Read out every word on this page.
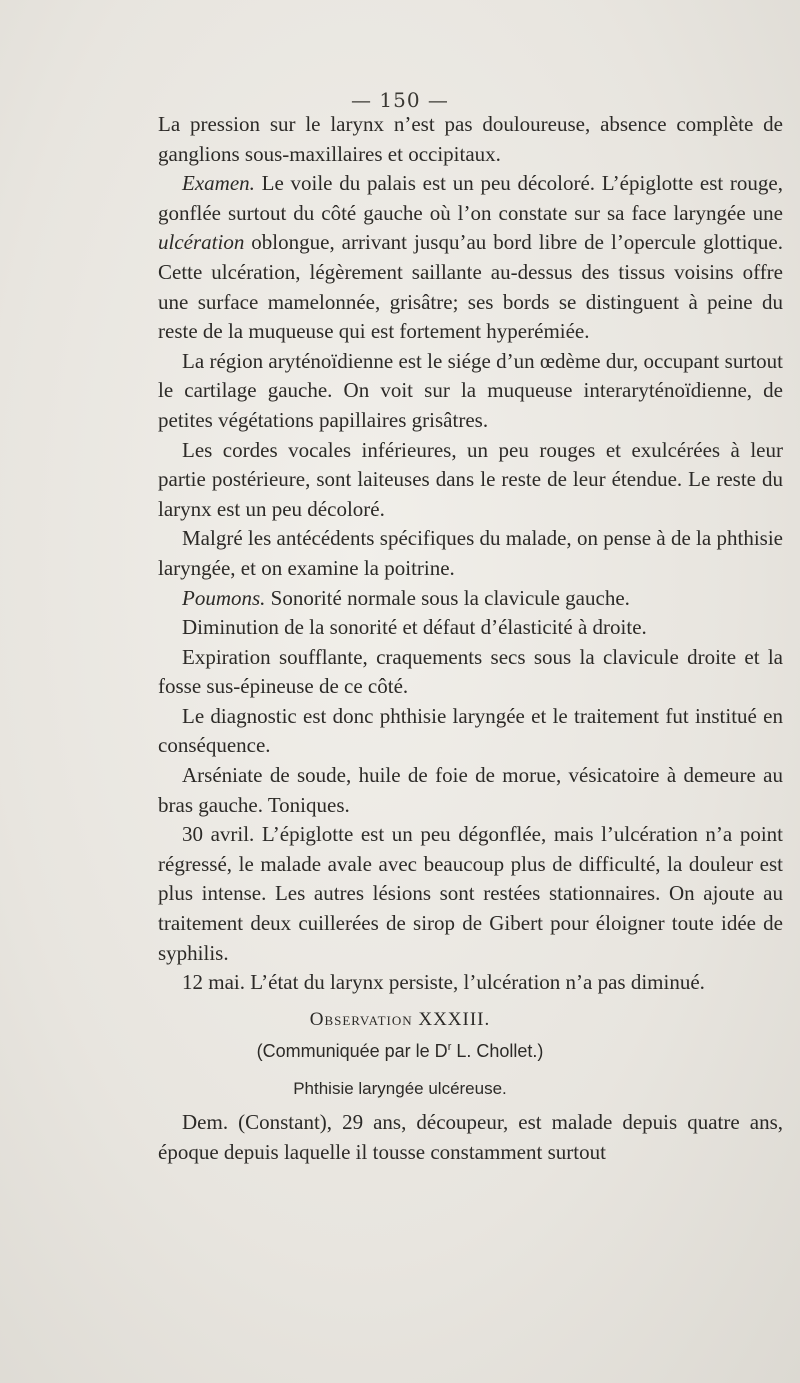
— 150 —

La pression sur le larynx n’est pas douloureuse, absence complète de ganglions sous-maxillaires et occipitaux.

Examen. Le voile du palais est un peu décoloré. L’épiglotte est rouge, gonflée surtout du côté gauche où l’on constate sur sa face laryngée une ulcération oblongue, arrivant jusqu’au bord libre de l’opercule glottique. Cette ulcération, légèrement saillante au-dessus des tissus voisins offre une surface mamelonnée, grisâtre; ses bords se distinguent à peine du reste de la muqueuse qui est fortement hyperémiée.

La région aryténoïdienne est le siége d’un œdème dur, occupant surtout le cartilage gauche. On voit sur la muqueuse interaryténoïdienne, de petites végétations papillaires grisâtres.

Les cordes vocales inférieures, un peu rouges et exulcérées à leur partie postérieure, sont laiteuses dans le reste de leur étendue. Le reste du larynx est un peu décoloré.

Malgré les antécédents spécifiques du malade, on pense à de la phthisie laryngée, et on examine la poitrine.

Poumons. Sonorité normale sous la clavicule gauche.

Diminution de la sonorité et défaut d’élasticité à droite.

Expiration soufflante, craquements secs sous la clavicule droite et la fosse sus-épineuse de ce côté.

Le diagnostic est donc phthisie laryngée et le traitement fut institué en conséquence.

Arséniate de soude, huile de foie de morue, vésicatoire à demeure au bras gauche. Toniques.

30 avril. L’épiglotte est un peu dégonflée, mais l’ulcération n’a point régressé, le malade avale avec beaucoup plus de difficulté, la douleur est plus intense. Les autres lésions sont restées stationnaires. On ajoute au traitement deux cuillerées de sirop de Gibert pour éloigner toute idée de syphilis.

12 mai. L’état du larynx persiste, l’ulcération n’a pas diminué.

Observation XXXIII.
(Communiquée par le $D^r$ L. Chollet.)
Phthisie laryngée ulcéreuse.

Dem. (Constant), 29 ans, découpeur, est malade depuis quatre ans, époque depuis laquelle il tousse constamment surtout
